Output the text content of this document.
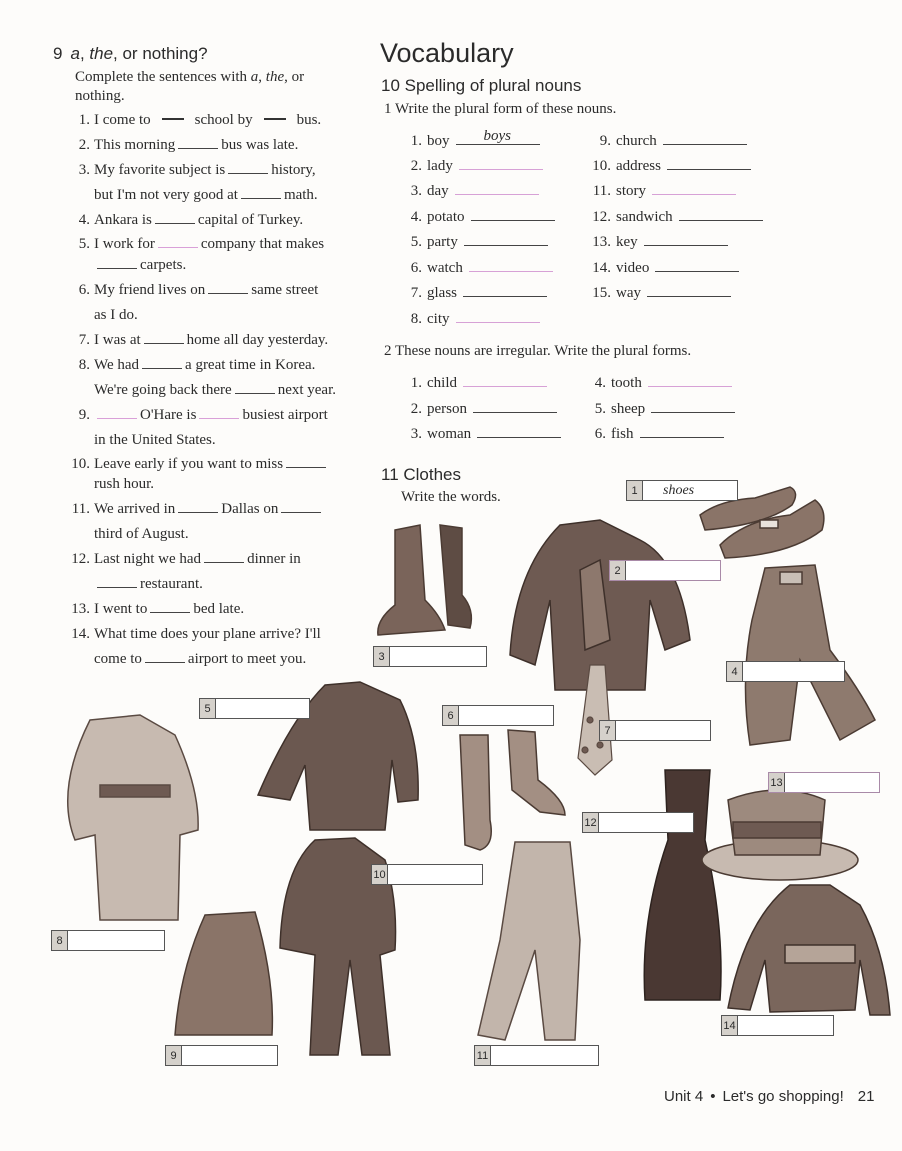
9 a, the, or nothing?
Complete the sentences with a, the, or nothing.
1. I come to	school by	bus.
2. This morning	bus was late.
3. My favorite subject is	history,
but I'm not very good at	math.
4. Ankara is	capital of Turkey.
5. I work for	company that makes
carpets.
6. My friend lives on	same street
as I do.
7. I was at	home all day yesterday.
8. We had	a great time in Korea.
We're going back there	next year.
9.	O'Hare is	busiest airport
in the United States.
10. Leave early if you want to miss
rush hour.
11. We arrived in	Dallas on
third of August.
12. Last night we had	dinner in
restaurant.
13. I went to	bed late.
14. What time does your plane arrive? I'll
come to	airport to meet you.
Vocabulary
10 Spelling of plural nouns
1 Write the plural form of these nouns.
1. boy boys
2. lady
3. day
4. potato
5. party
6. watch
7. glass
8. city
9. church
10. address
11. story
12. sandwich
13. key
14. video
15. way
2 These nouns are irregular. Write the plural forms.
1. child
2. person
3. woman
4. tooth
5. sheep
6. fish
11 Clothes
Write the words.	1	shoes
2
3
4
5
6
7
8
9
10
11
12
13
14
Unit 4 • Let's go shopping! 21
